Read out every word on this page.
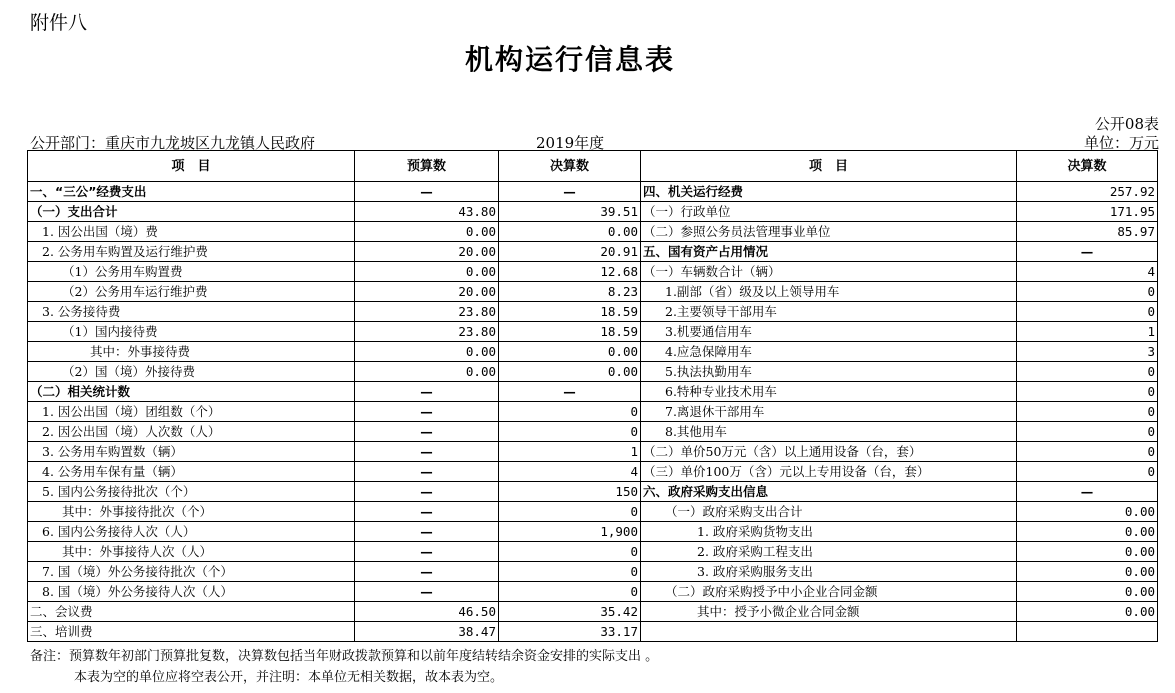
附件八
机构运行信息表
公开08表
公开部门：重庆市九龙坡区九龙镇人民政府	2019年度	单位：万元
项　目	预算数	决算数	项　目	决算数
一、“三公”经费支出	—	—	四、机关运行经费	257.92
（一）支出合计	43.80	39.51	（一）行政单位	171.95
1. 因公出国（境）费	0.00	0.00	（二）参照公务员法管理事业单位	85.97
2. 公务用车购置及运行维护费	20.00	20.91	五、国有资产占用情况	—
（1）公务用车购置费	0.00	12.68	（一）车辆数合计（辆）	4
（2）公务用车运行维护费	20.00	8.23	1.副部（省）级及以上领导用车	0
3. 公务接待费	23.80	18.59	2.主要领导干部用车	0
（1）国内接待费	23.80	18.59	3.机要通信用车	1
其中：外事接待费	0.00	0.00	4.应急保障用车	3
（2）国（境）外接待费	0.00	0.00	5.执法执勤用车	0
（二）相关统计数	—	—	6.特种专业技术用车	0
1. 因公出国（境）团组数（个）	—	0	7.离退休干部用车	0
2. 因公出国（境）人次数（人）	—	0	8.其他用车	0
3. 公务用车购置数（辆）	—	1	（二）单价50万元（含）以上通用设备（台，套）	0
4. 公务用车保有量（辆）	—	4	（三）单价100万（含）元以上专用设备（台，套）	0
5. 国内公务接待批次（个）	—	150	六、政府采购支出信息	—
其中：外事接待批次（个）	—	0	（一）政府采购支出合计	0.00
6. 国内公务接待人次（人）	—	1,900	1. 政府采购货物支出	0.00
其中：外事接待人次（人）	—	0	2. 政府采购工程支出	0.00
7. 国（境）外公务接待批次（个）	—	0	3. 政府采购服务支出	0.00
8. 国（境）外公务接待人次（人）	—	0	（二）政府采购授予中小企业合同金额	0.00
二、会议费	46.50	35.42	其中：授予小微企业合同金额	0.00
三、培训费	38.47	33.17		
备注：预算数年初部门预算批复数，决算数包括当年财政拨款预算和以前年度结转结余资金安排的实际支出 。
本表为空的单位应将空表公开，并注明：本单位无相关数据，故本表为空。
